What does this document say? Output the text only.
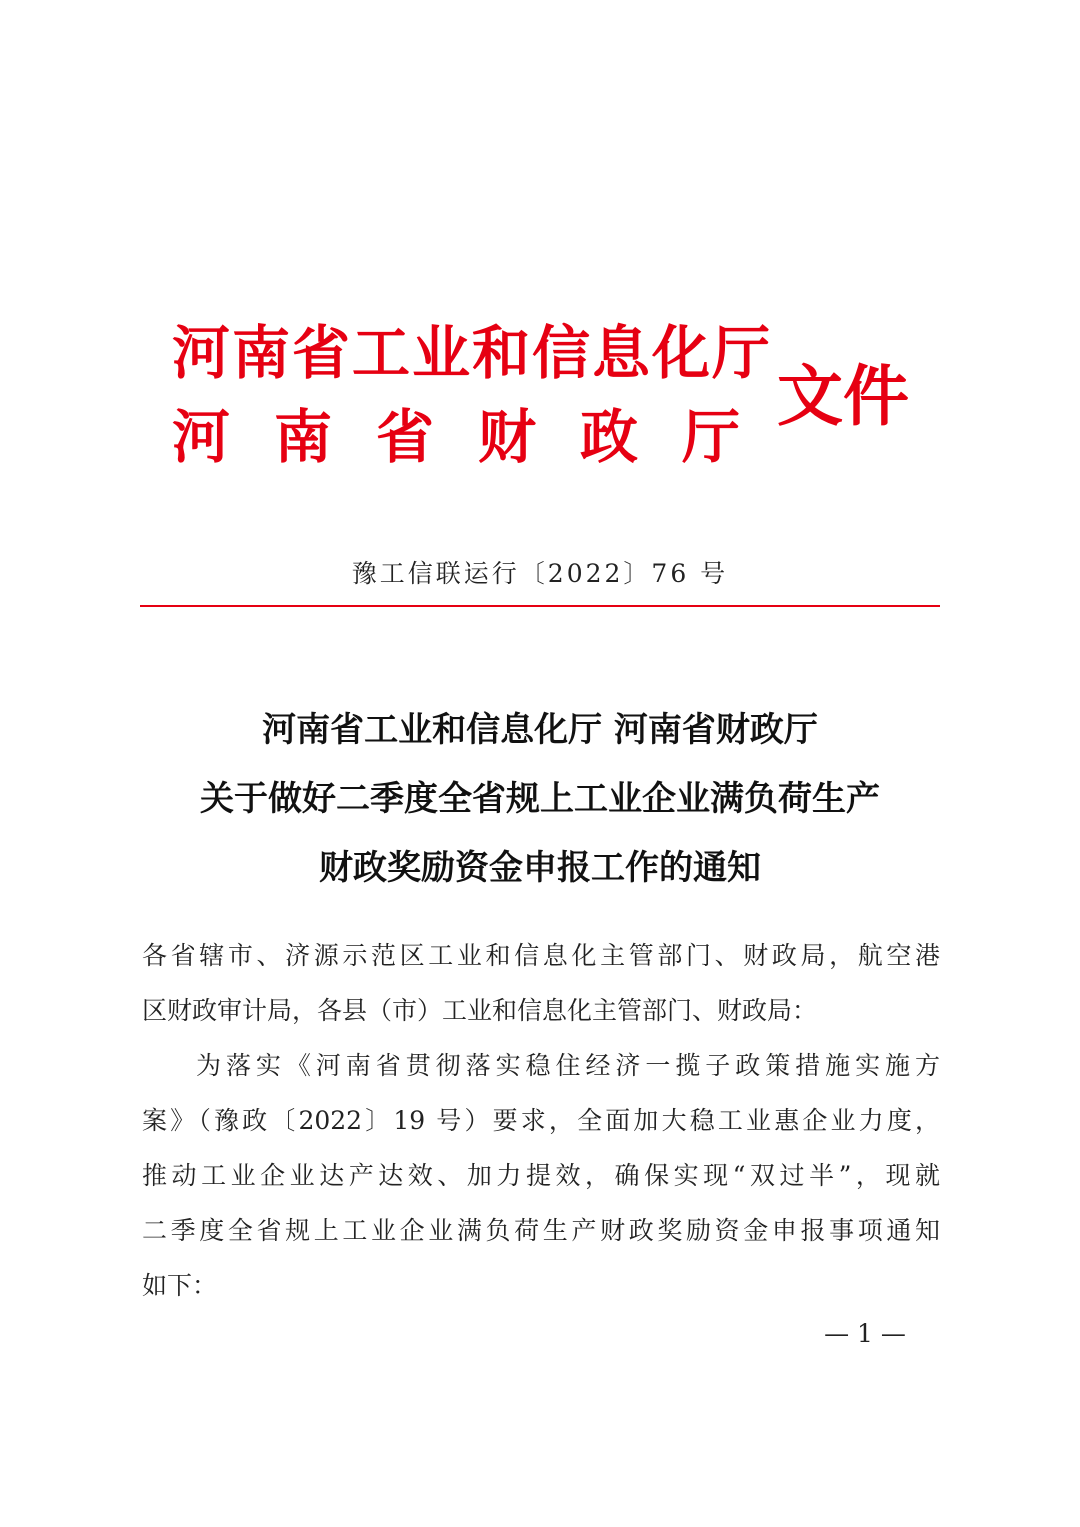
河南省工业和信息化厅
河南省财政厅
文件
豫工信联运行〔2022〕76 号
河南省工业和信息化厅 河南省财政厅
关于做好二季度全省规上工业企业满负荷生产
财政奖励资金申报工作的通知
各省辖市、济源示范区工业和信息化主管部门、财政局，航空港
区财政审计局，各县（市）工业和信息化主管部门、财政局：
为落实《河南省贯彻落实稳住经济一揽子政策措施实施方
案》（豫政〔2022〕19 号）要求，全面加大稳工业惠企业力度，
推动工业企业达产达效、加力提效，确保实现“双过半”，现就
二季度全省规上工业企业满负荷生产财政奖励资金申报事项通知
如下：
— 1 —
